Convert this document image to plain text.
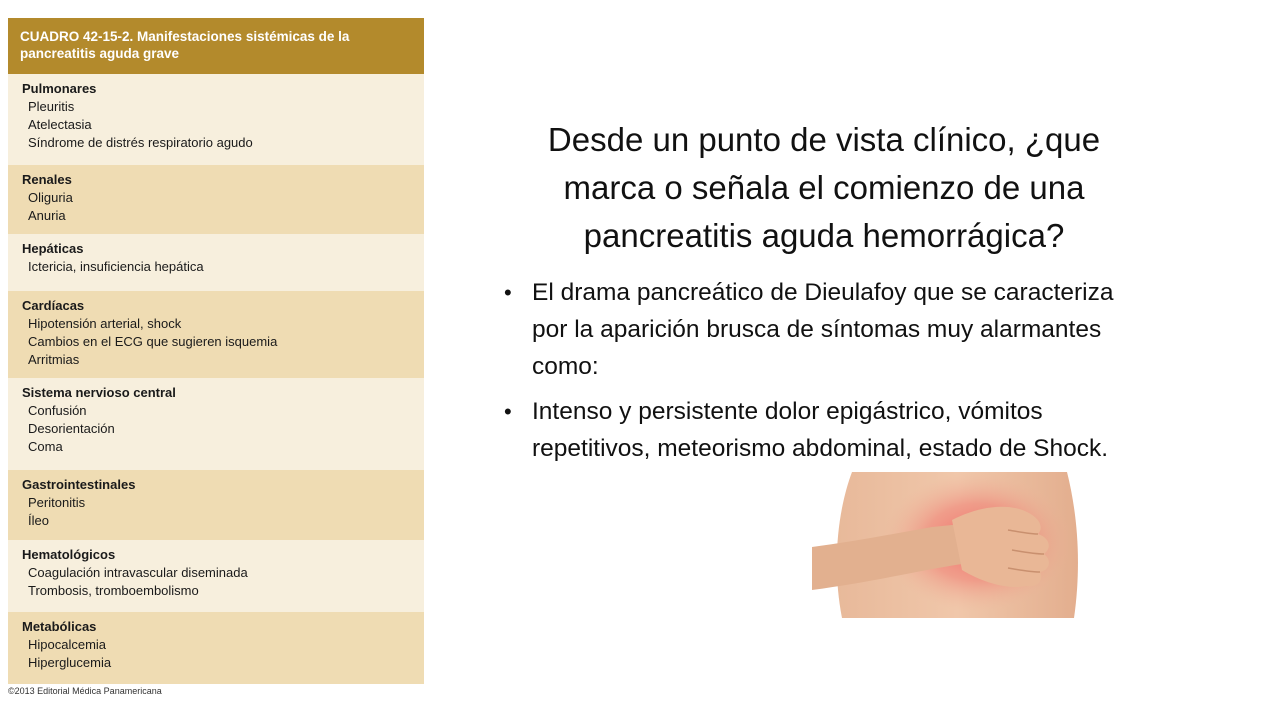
CUADRO 42-15-2. Manifestaciones sistémicas de la pancreatitis aguda grave
Pulmonares
Pleuritis
Atelectasia
Síndrome de distrés respiratorio agudo
Renales
Oliguria
Anuria
Hepáticas
Ictericia, insuficiencia hepática
Cardíacas
Hipotensión arterial, shock
Cambios en el ECG que sugieren isquemia
Arritmias
Sistema nervioso central
Confusión
Desorientación
Coma
Gastrointestinales
Peritonitis
Íleo
Hematológicos
Coagulación intravascular diseminada
Trombosis, tromboembolismo
Metabólicas
Hipocalcemia
Hiperglucemia
©2013 Editorial Médica Panamericana
Desde un punto de vista clínico, ¿que marca o señala el comienzo de una pancreatitis aguda hemorrágica?
• El drama pancreático de Dieulafoy que se caracteriza por la aparición brusca de síntomas muy alarmantes como:
• Intenso y persistente dolor epigástrico, vómitos repetitivos, meteorismo abdominal, estado de Shock.
